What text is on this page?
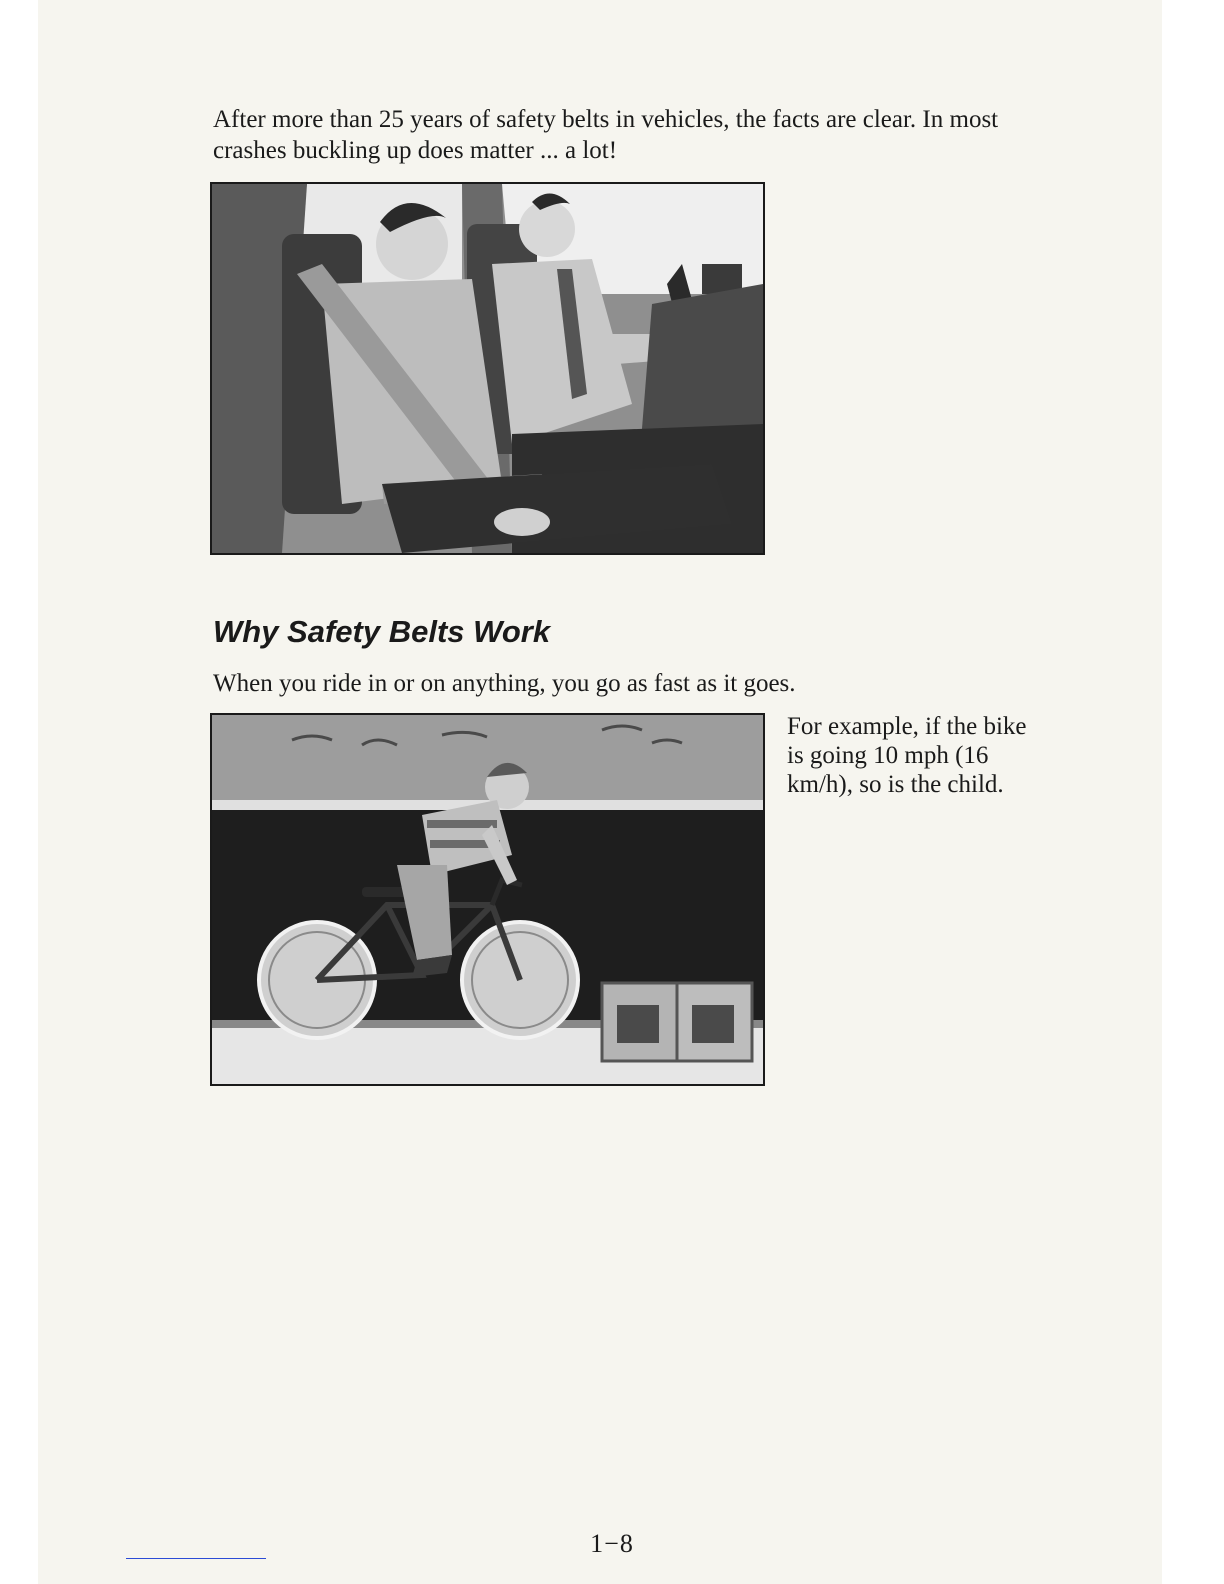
After more than 25 years of safety belts in vehicles, the facts are clear. In most crashes buckling up does matter ... a lot!

Why Safety Belts Work

When you ride in or on anything, you go as fast as it goes.

For example, if the bike is going 10 mph (16 km/h), so is the child.

1−8
